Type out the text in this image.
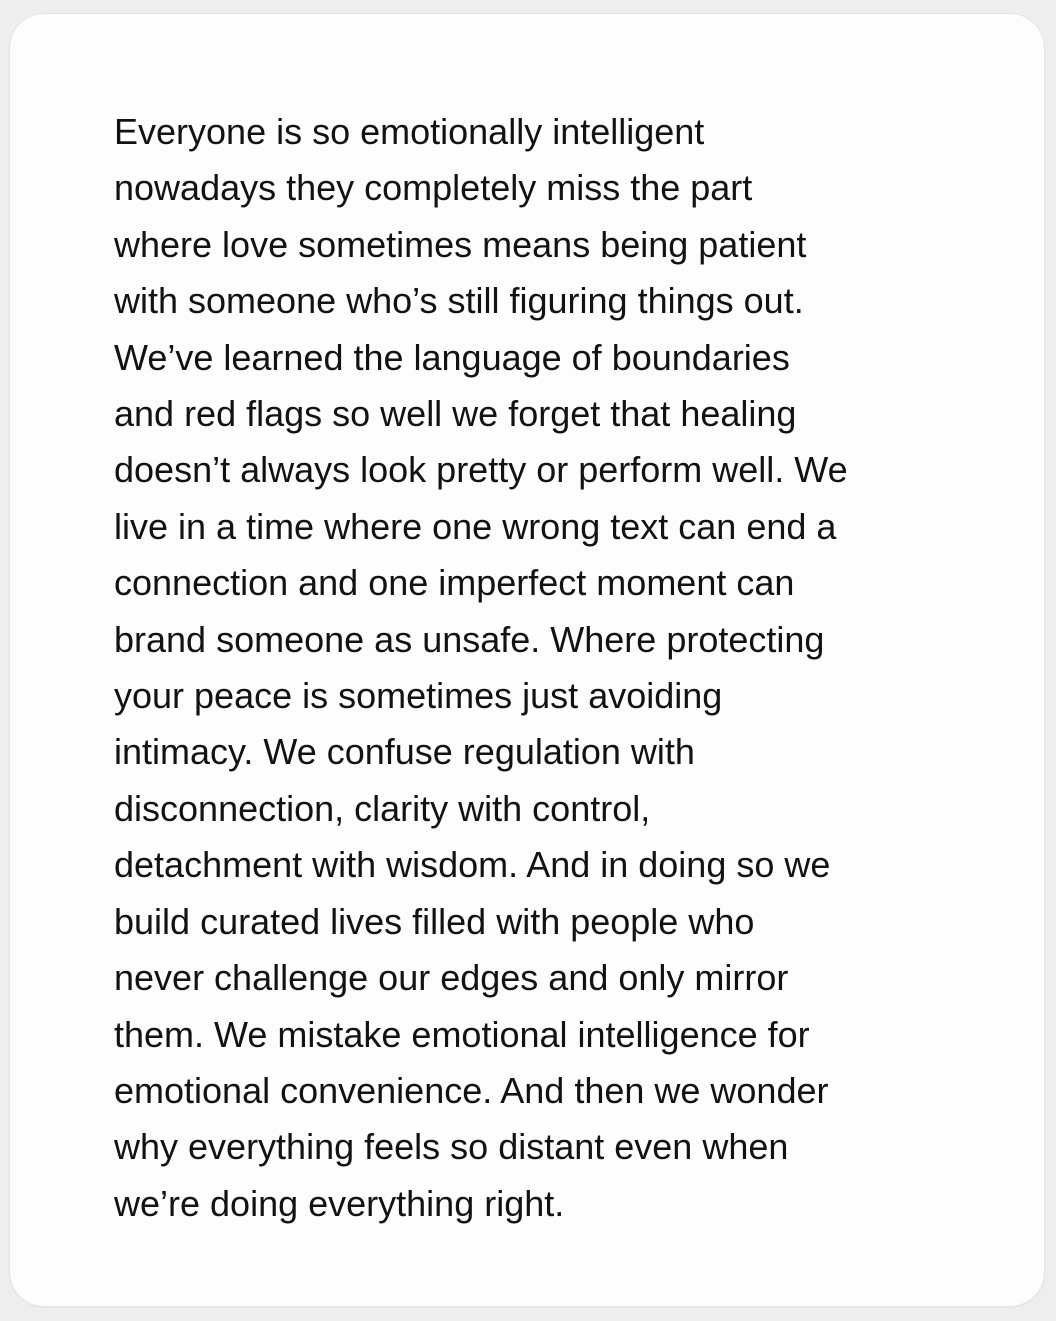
Everyone is so emotionally intelligent
nowadays they completely miss the part
where love sometimes means being patient
with someone who’s still figuring things out.
We’ve learned the language of boundaries
and red flags so well we forget that healing
doesn’t always look pretty or perform well. We
live in a time where one wrong text can end a
connection and one imperfect moment can
brand someone as unsafe. Where protecting
your peace is sometimes just avoiding
intimacy. We confuse regulation with
disconnection, clarity with control,
detachment with wisdom. And in doing so we
build curated lives filled with people who
never challenge our edges and only mirror
them. We mistake emotional intelligence for
emotional convenience. And then we wonder
why everything feels so distant even when
we’re doing everything right.
